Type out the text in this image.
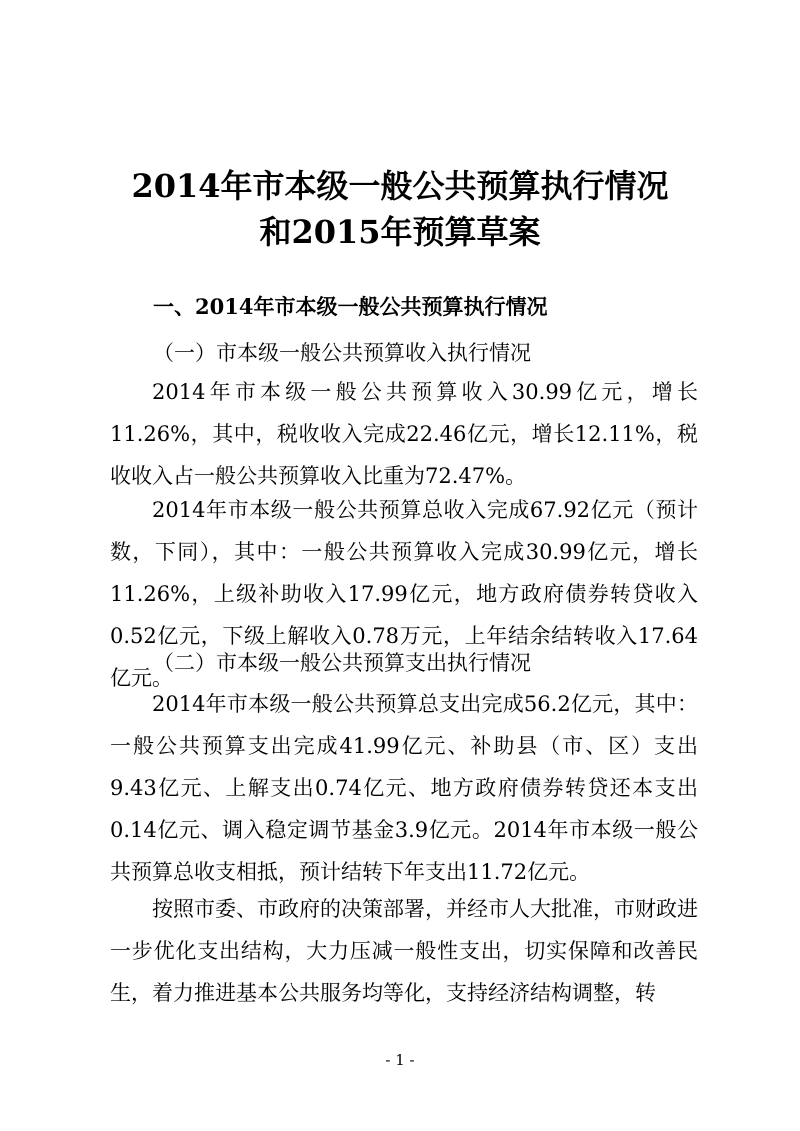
2014年市本级一般公共预算执行情况
和2015年预算草案
一、2014年市本级一般公共预算执行情况
（一）市本级一般公共预算收入执行情况

2014年市本级一般公共预算收入30.99亿元，增长11.26%，其中，税收收入完成22.46亿元，增长12.11%，税收收入占一般公共预算收入比重为72.47%。

2014年市本级一般公共预算总收入完成67.92亿元（预计数，下同），其中：一般公共预算收入完成30.99亿元，增长11.26%，上级补助收入17.99亿元，地方政府债券转贷收入0.52亿元，下级上解收入0.78万元，上年结余结转收入17.64亿元。

（二）市本级一般公共预算支出执行情况

2014年市本级一般公共预算总支出完成56.2亿元，其中：一般公共预算支出完成41.99亿元、补助县（市、区）支出9.43亿元、上解支出0.74亿元、地方政府债券转贷还本支出0.14亿元、调入稳定调节基金3.9亿元。2014年市本级一般公共预算总收支相抵，预计结转下年支出11.72亿元。

按照市委、市政府的决策部署，并经市人大批准，市财政进一步优化支出结构，大力压减一般性支出，切实保障和改善民生，着力推进基本公共服务均等化，支持经济结构调整，转

- 1 -
